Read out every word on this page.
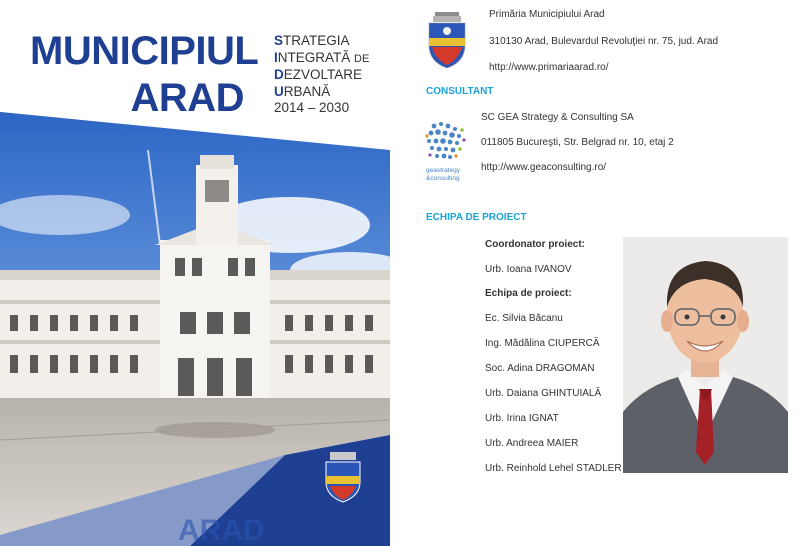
MUNICIPIUL
ARAD
STRATEGIA
INTEGRATĂ DE
DEZVOLTARE
URBANĂ
2014 – 2030
ARAD
Primăria Municipiului Arad
310130 Arad, Bulevardul Revoluţiei nr. 75, jud. Arad
http://www.primariaarad.ro/
CONSULTANT
geastrategy
&consulting
SC GEA Strategy & Consulting SA
011805 Bucureşti, Str. Belgrad nr. 10, etaj 2
http://www.geaconsulting.ro/
ECHIPA DE PROIECT
Coordonator proiect:
Urb. Ioana IVANOV
Echipa de proiect:
Ec. Silvia Băcanu
Ing. Mădălina CIUPERCĂ
Soc. Adina DRAGOMAN
Urb. Daiana GHINTUIALĂ
Urb. Irina IGNAT
Urb. Andreea MAIER
Urb. Reinhold Lehel STADLER
